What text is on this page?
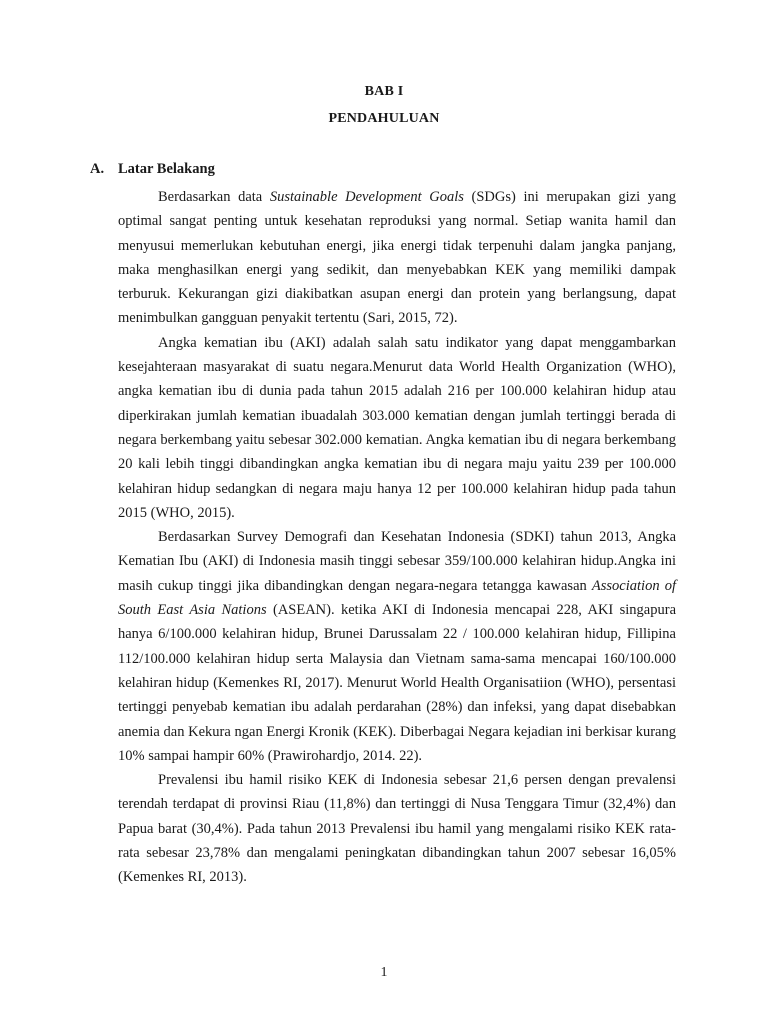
BAB I
PENDAHULUAN
A. Latar Belakang

Berdasarkan data Sustainable Development Goals (SDGs) ini merupakan gizi yang optimal sangat penting untuk kesehatan reproduksi yang normal. Setiap wanita hamil dan menyusui memerlukan kebutuhan energi, jika energi tidak terpenuhi dalam jangka panjang, maka menghasilkan energi yang sedikit, dan menyebabkan KEK yang memiliki dampak terburuk. Kekurangan gizi diakibatkan asupan energi dan protein yang berlangsung, dapat menimbulkan gangguan penyakit tertentu (Sari, 2015, 72).

Angka kematian ibu (AKI) adalah salah satu indikator yang dapat menggambarkan kesejahteraan masyarakat di suatu negara.Menurut data World Health Organization (WHO), angka kematian ibu di dunia pada tahun 2015 adalah 216 per 100.000 kelahiran hidup atau diperkirakan jumlah kematian ibuadalah 303.000 kematian dengan jumlah tertinggi berada di negara berkembang yaitu sebesar 302.000 kematian. Angka kematian ibu di negara berkembang 20 kali lebih tinggi dibandingkan angka kematian ibu di negara maju yaitu 239 per 100.000 kelahiran hidup sedangkan di negara maju hanya 12 per 100.000 kelahiran hidup pada tahun 2015 (WHO, 2015).

Berdasarkan Survey Demografi dan Kesehatan Indonesia (SDKI) tahun 2013, Angka Kematian Ibu (AKI) di Indonesia masih tinggi sebesar 359/100.000 kelahiran hidup.Angka ini masih cukup tinggi jika dibandingkan dengan negara-negara tetangga kawasan Association of South East Asia Nations (ASEAN). ketika AKI di Indonesia mencapai 228, AKI singapura hanya 6/100.000 kelahiran hidup, Brunei Darussalam 22 / 100.000 kelahiran hidup, Fillipina 112/100.000 kelahiran hidup serta Malaysia dan Vietnam sama-sama mencapai 160/100.000 kelahiran hidup (Kemenkes RI, 2017). Menurut World Health Organisatiion (WHO), persentasi tertinggi penyebab kematian ibu adalah perdarahan (28%) dan infeksi, yang dapat disebabkan anemia dan Kekura ngan Energi Kronik (KEK). Diberbagai Negara kejadian ini berkisar kurang 10% sampai hampir 60% (Prawirohardjo, 2014. 22).

Prevalensi ibu hamil risiko KEK di Indonesia sebesar 21,6 persen dengan prevalensi terendah terdapat di provinsi Riau (11,8%) dan tertinggi di Nusa Tenggara Timur (32,4%) dan Papua barat (30,4%). Pada tahun 2013 Prevalensi ibu hamil yang mengalami risiko KEK rata-rata sebesar 23,78% dan mengalami peningkatan dibandingkan tahun 2007 sebesar 16,05% (Kemenkes RI, 2013).

1
